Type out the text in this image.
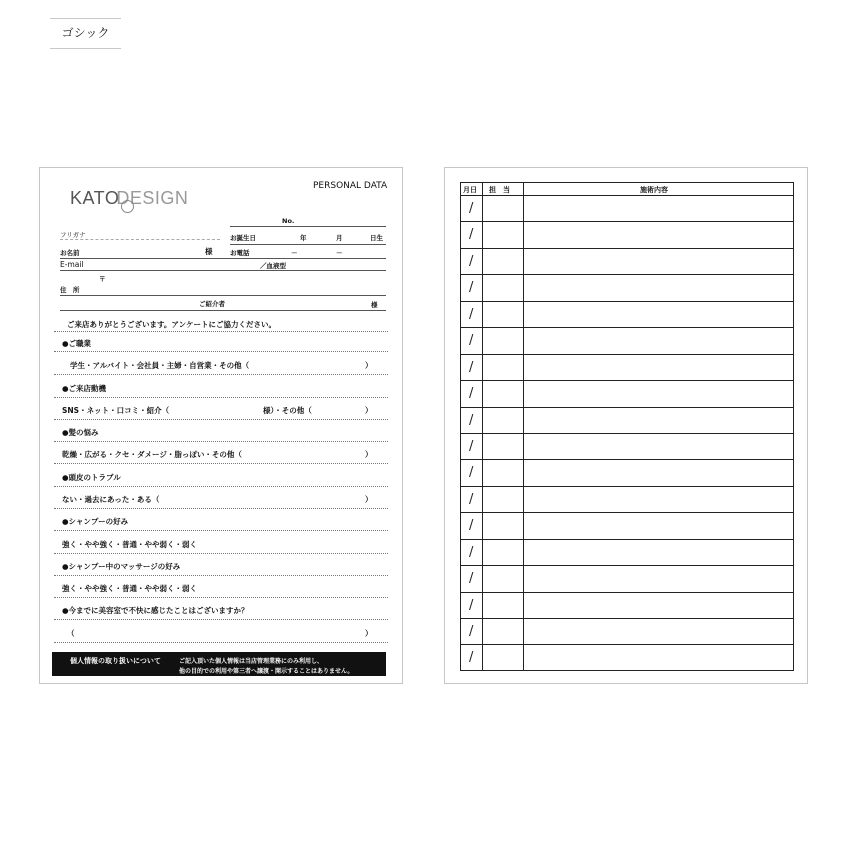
ゴシック
PERSONAL DATA
KATODESIGN
No.
フリガナ	お誕生日	年	月	日生
お名前	様	お電話	－	－
E-mail	／血液型
〒
住　所
ご紹介者	様
ご来店ありがとうございます。アンケートにご協力ください。
●ご職業
学生・アルバイト・会社員・主婦・自営業・その他（	）
●ご来店動機
SNS・ネット・口コミ・紹介（	様）・その他（	）
●髪の悩み
乾燥・広がる・クセ・ダメージ・脂っぽい・その他（	）
●頭皮のトラブル
ない・過去にあった・ある（	）
●シャンプーの好み
強く・やや強く・普通・やや弱く・弱く
●シャンプー中のマッサージの好み
強く・やや強く・普通・やや弱く・弱く
●今までに美容室で不快に感じたことはございますか？
（	）
個人情報の取り扱いについて	ご記入頂いた個人情報は当店管理業務にのみ利用し、
他の目的での利用や第三者へ譲渡・開示することはありません。
月日 担　当	施術内容
/
/
/
/
/
/
/
/
/
/
/
/
/
/
/
/
/
/
